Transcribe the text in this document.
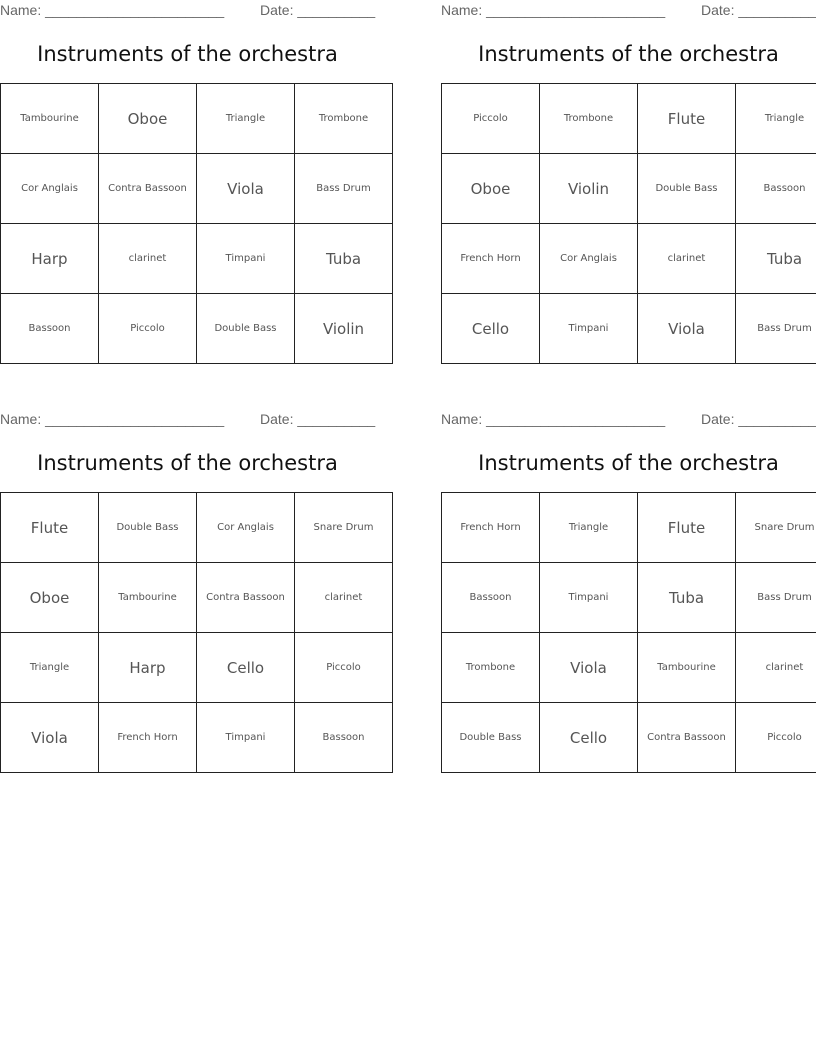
Name: _______________________	Date: __________
Instruments of the orchestra
Tambourine	Oboe	Triangle	Trombone
Cor Anglais	Contra Bassoon	Viola	Bass Drum
Harp	clarinet	Timpani	Tuba
Bassoon	Piccolo	Double Bass	Violin
Name: _______________________	Date: __________
Instruments of the orchestra
Piccolo	Trombone	Flute	Triangle
Oboe	Violin	Double Bass	Bassoon
French Horn	Cor Anglais	clarinet	Tuba
Cello	Timpani	Viola	Bass Drum
Name: _______________________	Date: __________
Instruments of the orchestra
Flute	Double Bass	Cor Anglais	Snare Drum
Oboe	Tambourine	Contra Bassoon	clarinet
Triangle	Harp	Cello	Piccolo
Viola	French Horn	Timpani	Bassoon
Name: _______________________	Date: __________
Instruments of the orchestra
French Horn	Triangle	Flute	Snare Drum
Bassoon	Timpani	Tuba	Bass Drum
Trombone	Viola	Tambourine	clarinet
Double Bass	Cello	Contra Bassoon	Piccolo
